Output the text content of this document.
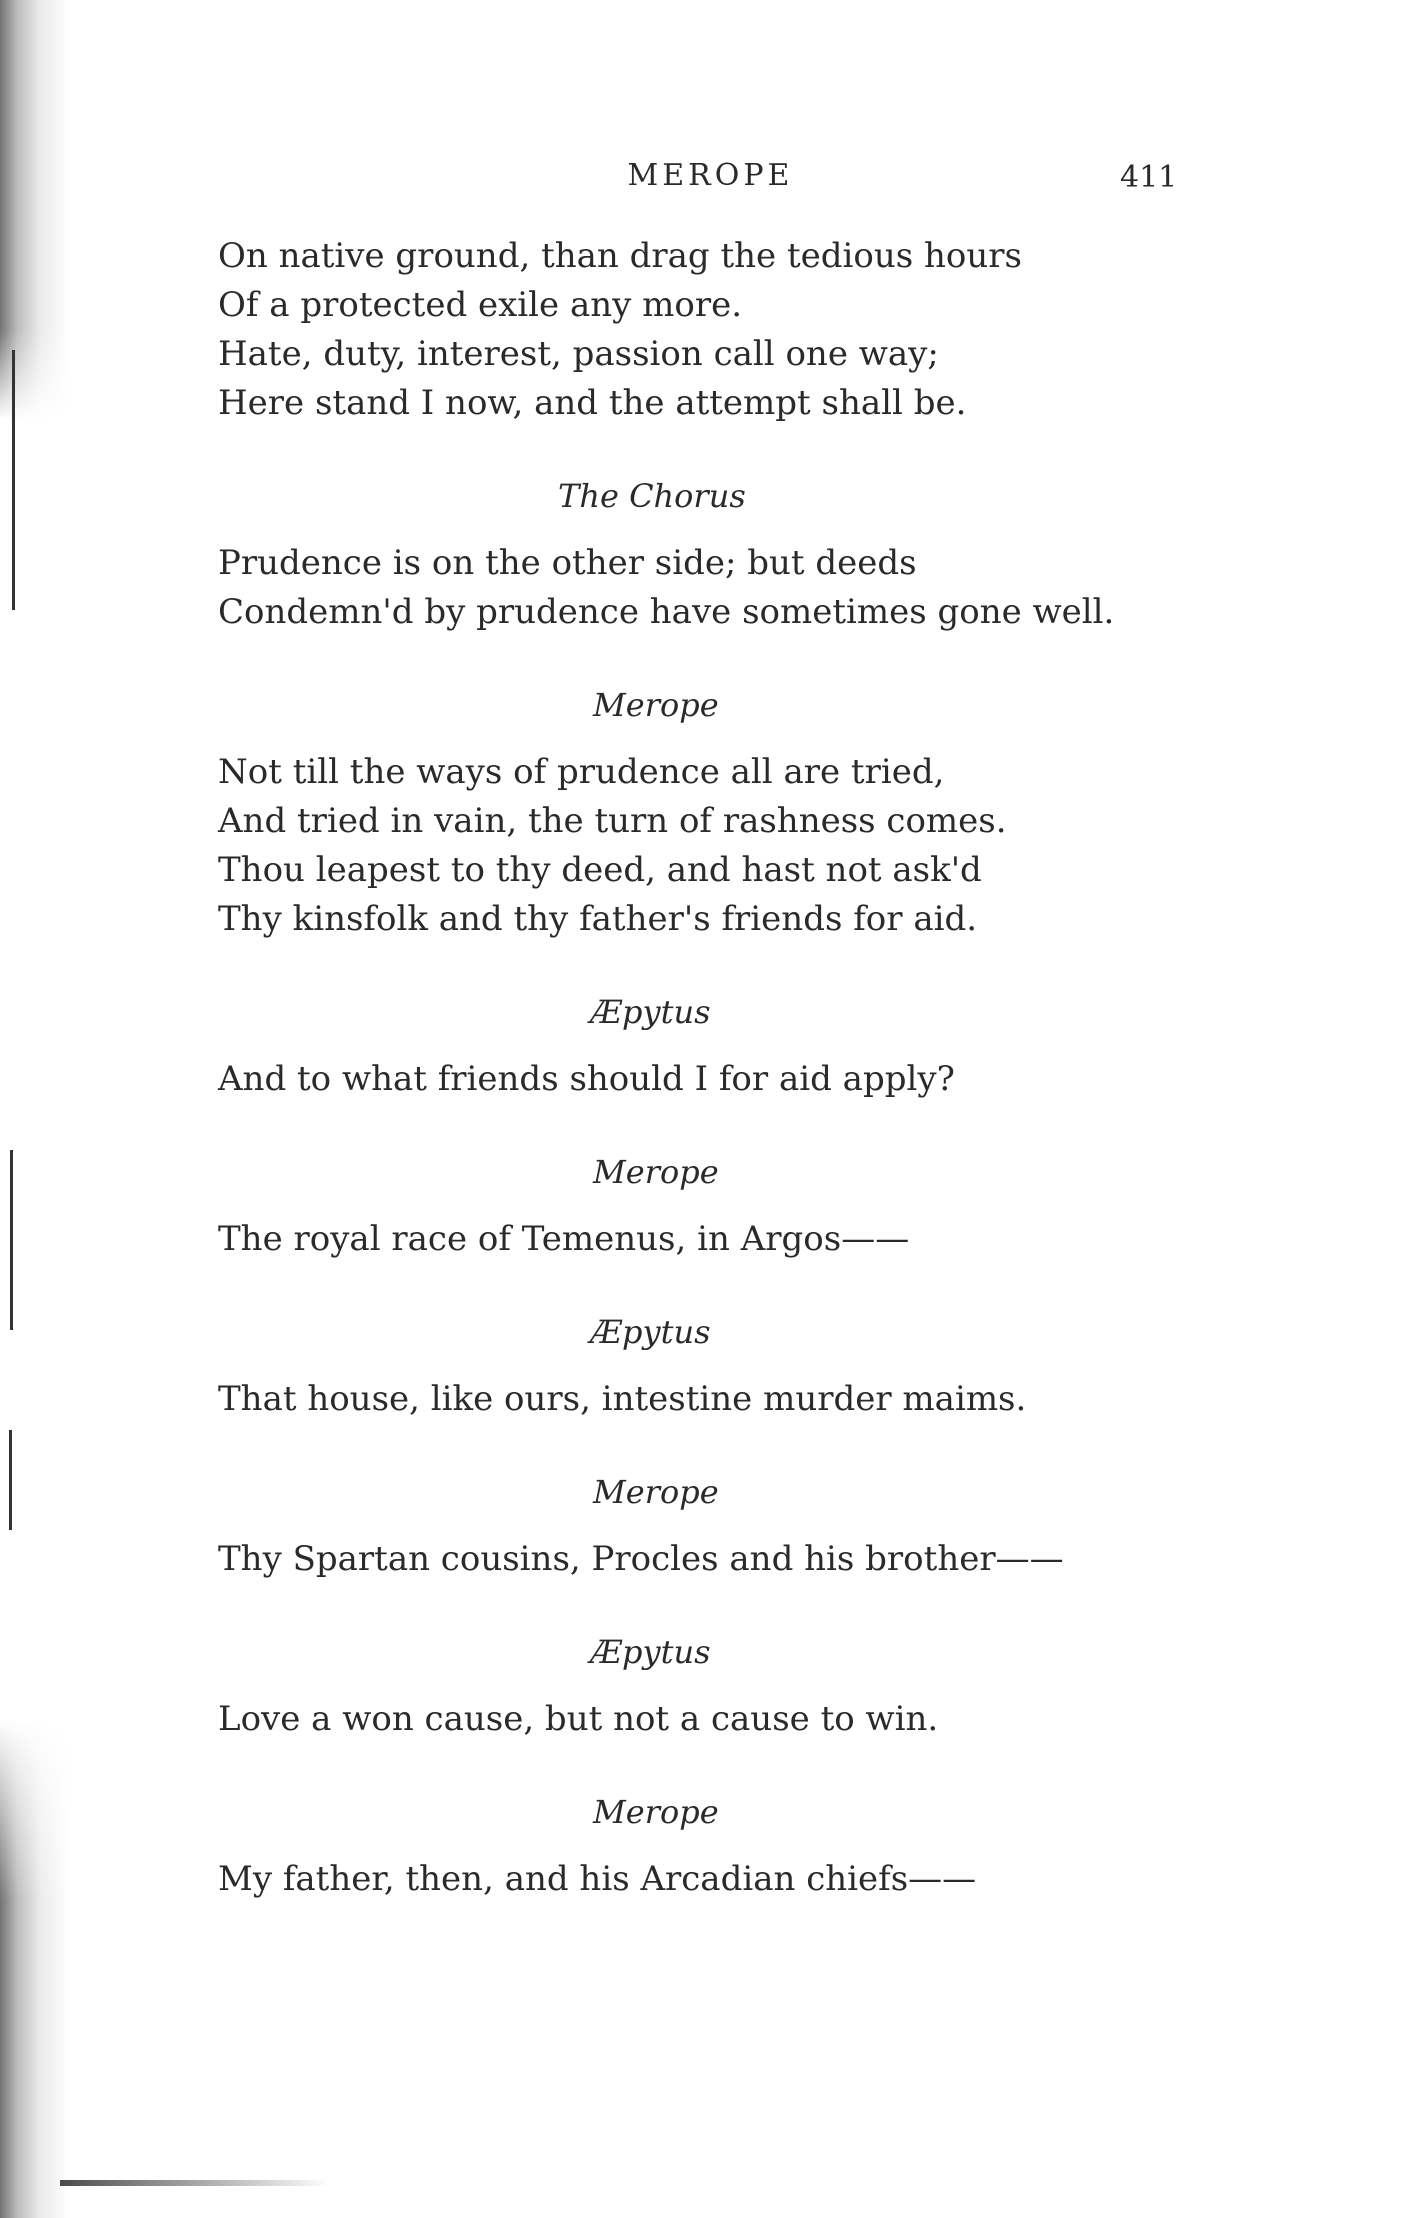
MEROPE	411

On native ground, than drag the tedious hours

Of a protected exile any more.

Hate, duty, interest, passion call one way;

Here stand I now, and the attempt shall be.

The Chorus

Prudence is on the other side; but deeds

Condemn'd by prudence have sometimes gone well.

Merope

Not till the ways of prudence all are tried,

And tried in vain, the turn of rashness comes.

Thou leapest to thy deed, and hast not ask'd

Thy kinsfolk and thy father's friends for aid.

Æpytus

And to what friends should I for aid apply?

Merope

The royal race of Temenus, in Argos——

Æpytus

That house, like ours, intestine murder maims.

Merope

Thy Spartan cousins, Procles and his brother——

Æpytus

Love a won cause, but not a cause to win.

Merope

My father, then, and his Arcadian chiefs——
